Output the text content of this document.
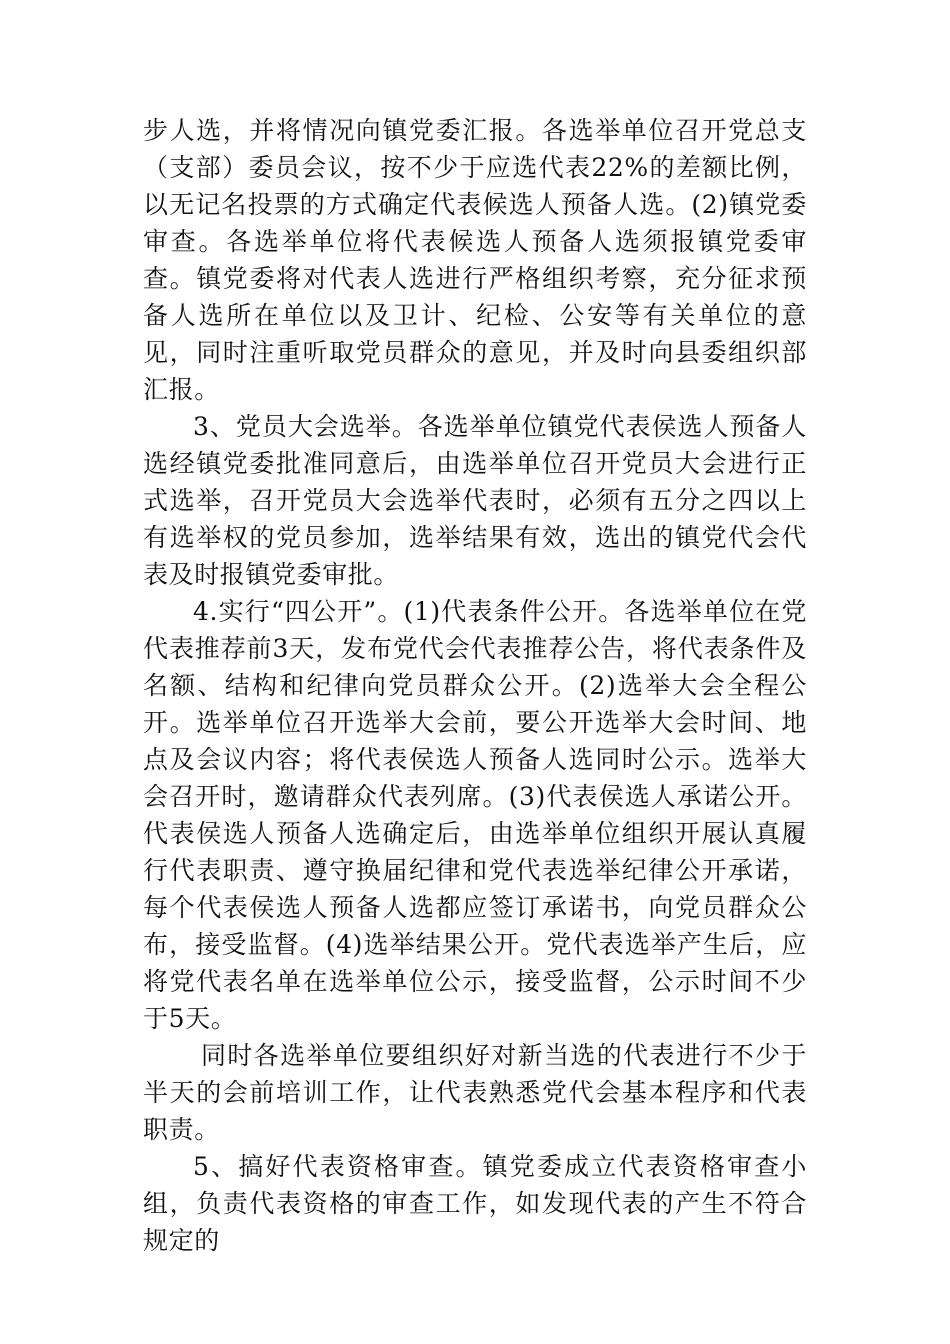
步人选，并将情况向镇党委汇报。各选举单位召开党总支（支部）委员会议，按不少于应选代表22%的差额比例，以无记名投票的方式确定代表候选人预备人选。(2)镇党委审查。各选举单位将代表候选人预备人选须报镇党委审查。镇党委将对代表人选进行严格组织考察，充分征求预备人选所在单位以及卫计、纪检、公安等有关单位的意见，同时注重听取党员群众的意见，并及时向县委组织部汇报。

3、党员大会选举。各选举单位镇党代表侯选人预备人选经镇党委批准同意后，由选举单位召开党员大会进行正式选举，召开党员大会选举代表时，必须有五分之四以上有选举权的党员参加，选举结果有效，选出的镇党代会代表及时报镇党委审批。

4.实行“四公开”。(1)代表条件公开。各选举单位在党代表推荐前3天，发布党代会代表推荐公告，将代表条件及名额、结构和纪律向党员群众公开。(2)选举大会全程公开。选举单位召开选举大会前，要公开选举大会时间、地点及会议内容；将代表侯选人预备人选同时公示。选举大会召开时，邀请群众代表列席。(3)代表侯选人承诺公开。代表侯选人预备人选确定后，由选举单位组织开展认真履行代表职责、遵守换届纪律和党代表选举纪律公开承诺，每个代表侯选人预备人选都应签订承诺书，向党员群众公布，接受监督。(4)选举结果公开。党代表选举产生后，应将党代表名单在选举单位公示，接受监督，公示时间不少于5天。

同时各选举单位要组织好对新当选的代表进行不少于半天的会前培训工作，让代表熟悉党代会基本程序和代表职责。

5、搞好代表资格审查。镇党委成立代表资格审查小组，负责代表资格的审查工作，如发现代表的产生不符合规定的
